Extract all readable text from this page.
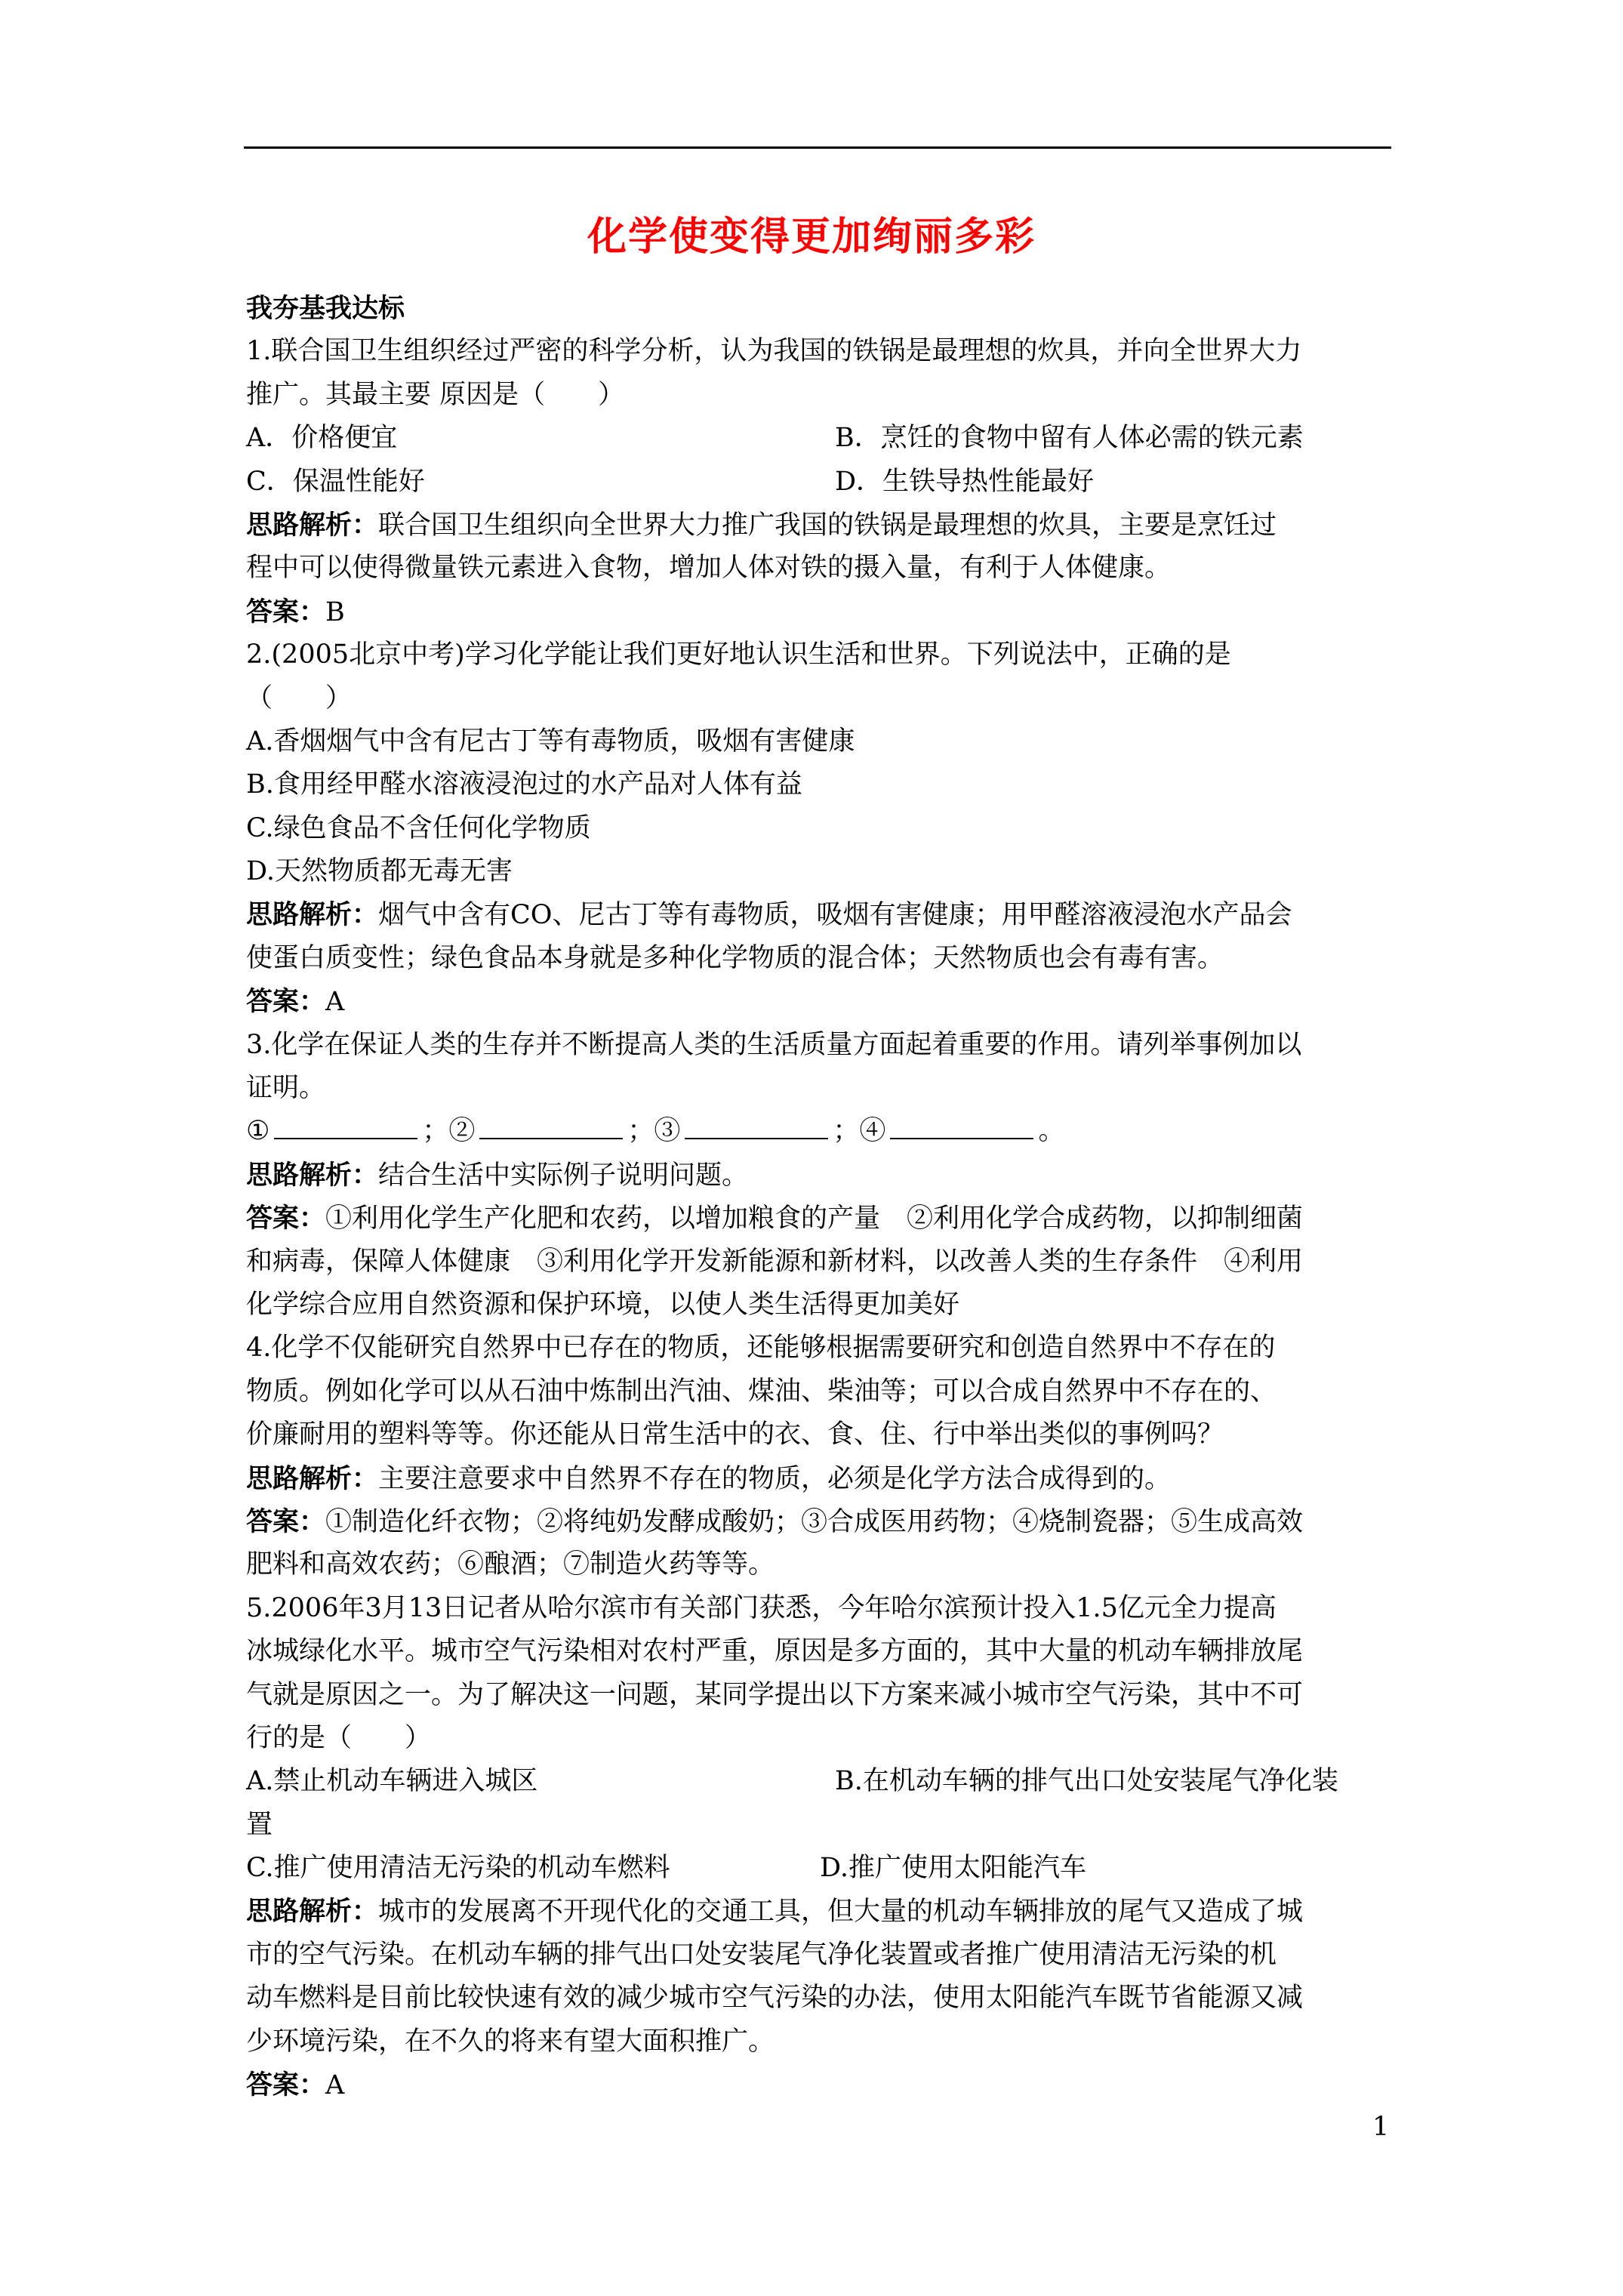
化学使变得更加绚丽多彩
我夯基我达标
1.联合国卫生组织经过严密的科学分析，认为我国的铁锅是最理想的炊具，并向全世界大力
推广。其最主要 原因是（　　）
A．价格便宜	B．烹饪的食物中留有人体必需的铁元素
C．保温性能好	D．生铁导热性能最好
思路解析：联合国卫生组织向全世界大力推广我国的铁锅是最理想的炊具，主要是烹饪过
程中可以使得微量铁元素进入食物，增加人体对铁的摄入量，有利于人体健康。
答案：B
2.(2005北京中考)学习化学能让我们更好地认识生活和世界。下列说法中，正确的是
（　　）
A.香烟烟气中含有尼古丁等有毒物质，吸烟有害健康
B.食用经甲醛水溶液浸泡过的水产品对人体有益
C.绿色食品不含任何化学物质
D.天然物质都无毒无害
思路解析：烟气中含有CO、尼古丁等有毒物质，吸烟有害健康；用甲醛溶液浸泡水产品会
使蛋白质变性；绿色食品本身就是多种化学物质的混合体；天然物质也会有毒有害。
答案：A
3.化学在保证人类的生存并不断提高人类的生活质量方面起着重要的作用。请列举事例加以
证明。
①	；②	；③	；④	。
思路解析：结合生活中实际例子说明问题。
答案：①利用化学生产化肥和农药，以增加粮食的产量　②利用化学合成药物，以抑制细菌
和病毒，保障人体健康　③利用化学开发新能源和新材料，以改善人类的生存条件　④利用
化学综合应用自然资源和保护环境，以使人类生活得更加美好
4.化学不仅能研究自然界中已存在的物质，还能够根据需要研究和创造自然界中不存在的
物质。例如化学可以从石油中炼制出汽油、煤油、柴油等；可以合成自然界中不存在的、
价廉耐用的塑料等等。你还能从日常生活中的衣、食、住、行中举出类似的事例吗？
思路解析：主要注意要求中自然界不存在的物质，必须是化学方法合成得到的。
答案：①制造化纤衣物；②将纯奶发酵成酸奶；③合成医用药物；④烧制瓷器；⑤生成高效
肥料和高效农药；⑥酿酒；⑦制造火药等等。
5.2006年3月13日记者从哈尔滨市有关部门获悉，今年哈尔滨预计投入1.5亿元全力提高
冰城绿化水平。城市空气污染相对农村严重，原因是多方面的，其中大量的机动车辆排放尾
气就是原因之一。为了解决这一问题，某同学提出以下方案来减小城市空气污染，其中不可
行的是（　　）
A.禁止机动车辆进入城区	B.在机动车辆的排气出口处安装尾气净化装
置
C.推广使用清洁无污染的机动车燃料	D.推广使用太阳能汽车
思路解析：城市的发展离不开现代化的交通工具，但大量的机动车辆排放的尾气又造成了城
市的空气污染。在机动车辆的排气出口处安装尾气净化装置或者推广使用清洁无污染的机
动车燃料是目前比较快速有效的减少城市空气污染的办法，使用太阳能汽车既节省能源又减
少环境污染，在不久的将来有望大面积推广。
答案：A
1
